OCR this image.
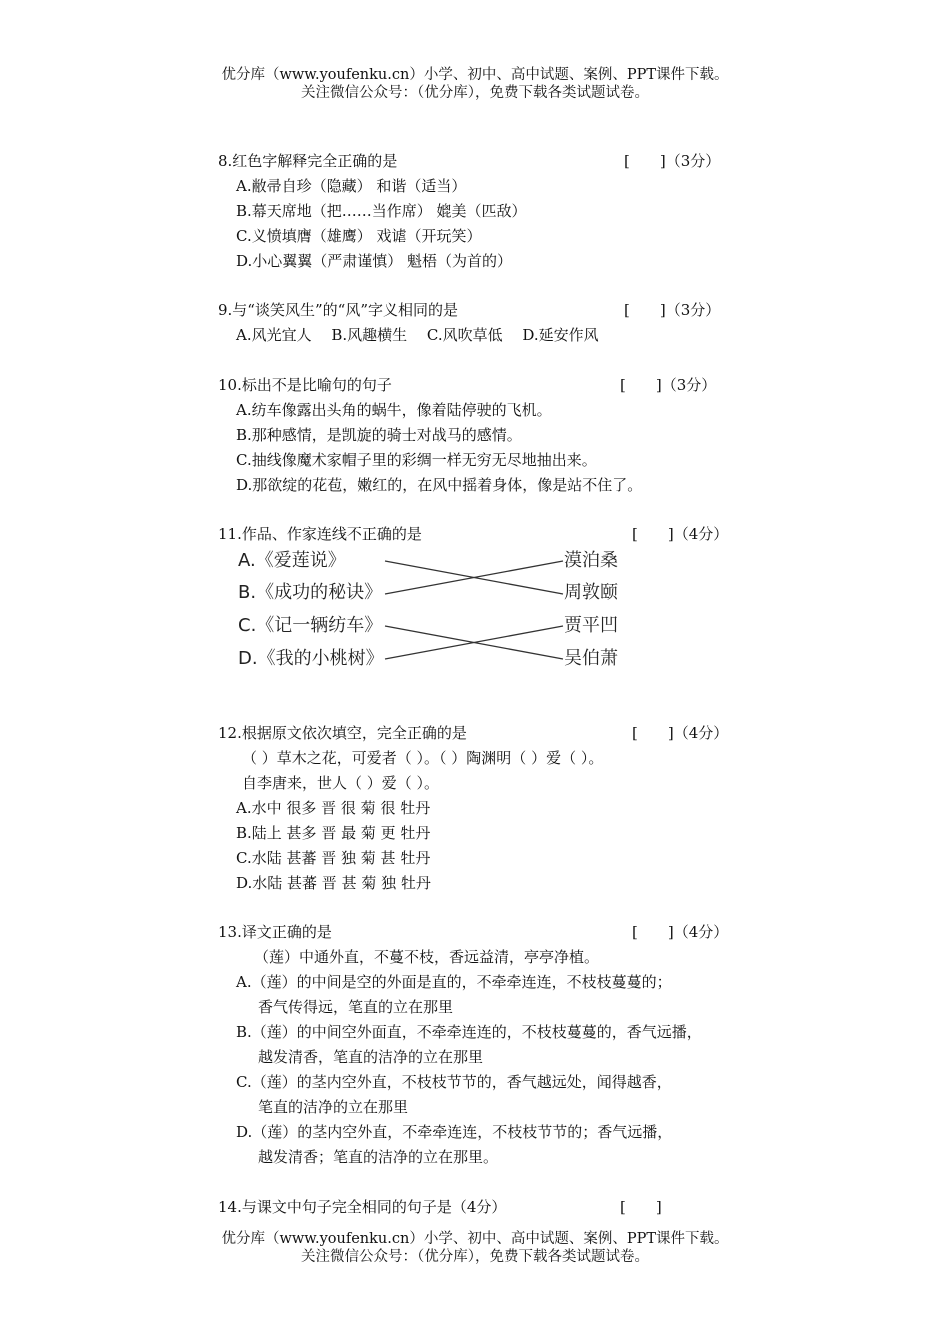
优分库（www.youfenku.cn）小学、初中、高中试题、案例、PPT课件下载。
关注微信公众号：（优分库），免费下载各类试题试卷。
8.红色字解释完全正确的是	[　　]（3分）
A.敝帚自珍（隐藏） 和谐（适当）
B.幕天席地（把……当作席） 媲美（匹敌）
C.义愤填膺（雄鹰） 戏谑（开玩笑）
D.小心翼翼（严肃谨慎） 魁梧（为首的）
9.与“谈笑风生”的“风”字义相同的是	[　　]（3分）
A.风光宜人　 B.风趣横生　 C.风吹草低　 D.延安作风
10.标出不是比喻句的句子	[　　]（3分）
A.纺车像露出头角的蜗牛，像着陆停驶的飞机。
B.那种感情，是凯旋的骑士对战马的感情。
C.抽线像魔术家帽子里的彩绸一样无穷无尽地抽出来。
D.那欲绽的花苞，嫩红的，在风中摇着身体，像是站不住了。
11.作品、作家连线不正确的是	[　　]（4分）
A.《爱莲说》
B.《成功的秘诀》
C.《记一辆纺车》
D.《我的小桃树》
漠泊桑
周敦颐
贾平凹
吴伯萧
12.根据原文依次填空，完全正确的是	[　　]（4分）
（ ）草木之花，可爱者（ ）。（ ）陶渊明（ ）爱（ ）。
自李唐来，世人（ ）爱（ ）。
A.水中 很多 晋 很 菊 很 牡丹
B.陆上 甚多 晋 最 菊 更 牡丹
C.水陆 甚蕃 晋 独 菊 甚 牡丹
D.水陆 甚蕃 晋 甚 菊 独 牡丹
13.译文正确的是	[　　]（4分）
（莲）中通外直，不蔓不枝，香远益清，亭亭净植。
A.（莲）的中间是空的外面是直的，不牵牵连连，不枝枝蔓蔓的；
香气传得远，笔直的立在那里
B.（莲）的中间空外面直，不牵牵连连的，不枝枝蔓蔓的，香气远播，
越发清香，笔直的洁净的立在那里
C.（莲）的茎内空外直，不枝枝节节的，香气越远处，闻得越香，
笔直的洁净的立在那里
D.（莲）的茎内空外直，不牵牵连连，不枝枝节节的；香气远播，
越发清香；笔直的洁净的立在那里。
14.与课文中句子完全相同的句子是（4分）	[　　]
优分库（www.youfenku.cn）小学、初中、高中试题、案例、PPT课件下载。
关注微信公众号：（优分库），免费下载各类试题试卷。
